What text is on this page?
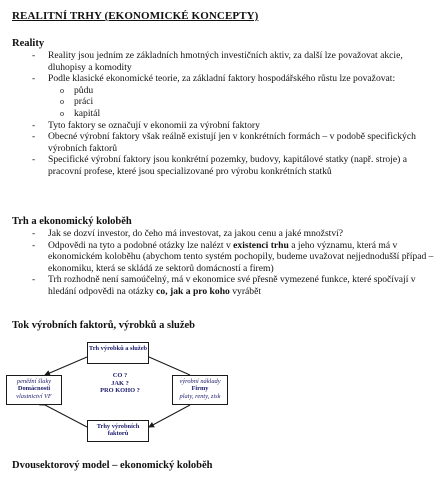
REALITNÍ TRHY (EKONOMICKÉ KONCEPTY)
Reality
- Reality jsou jedním ze základních hmotných investičních aktiv, za další lze považovat akcie, dluhopisy a komodity
- Podle klasické ekonomické teorie, za základní faktory hospodářského růstu lze považovat:
o půdu
o práci
o kapitál
- Tyto faktory se označují v ekonomii za výrobní faktory
- Obecné výrobní faktory však reálně existují jen v konkrétních formách – v podobě specifických výrobních faktorů
- Specifické výrobní faktory jsou konkrétní pozemky, budovy, kapitálové statky (např. stroje) a pracovní profese, které jsou specializované pro výrobu konkrétních statků
Trh a ekonomický koloběh
- Jak se dozví investor, do čeho má investovat, za jakou cenu a jaké množství?
- Odpovědi na tyto a podobné otázky lze nalézt v existenci trhu a jeho významu, která má v ekonomickém koloběhu (abychom tento systém pochopily, budeme uvažovat nejjednodušší případ – ekonomiku, která se skládá ze sektorů domácností a firem)
- Trh rozhodně není samoúčelný, má v ekonomice své přesně vymezené funkce, které spočívají v hledání odpovědi na otázky co, jak a pro koho vyrábět
Tok výrobních faktorů, výrobků a služeb
Trh výrobků a služeb
Trhy výrobních faktorů
peněžní šlaky
Domácnosti
vlastnictví VF
výrobní náklady
Firmy
platy, renty, zisk
CO ?
JAK ?
PRO KOHO ?
Dvousektorový model – ekonomický koloběh
